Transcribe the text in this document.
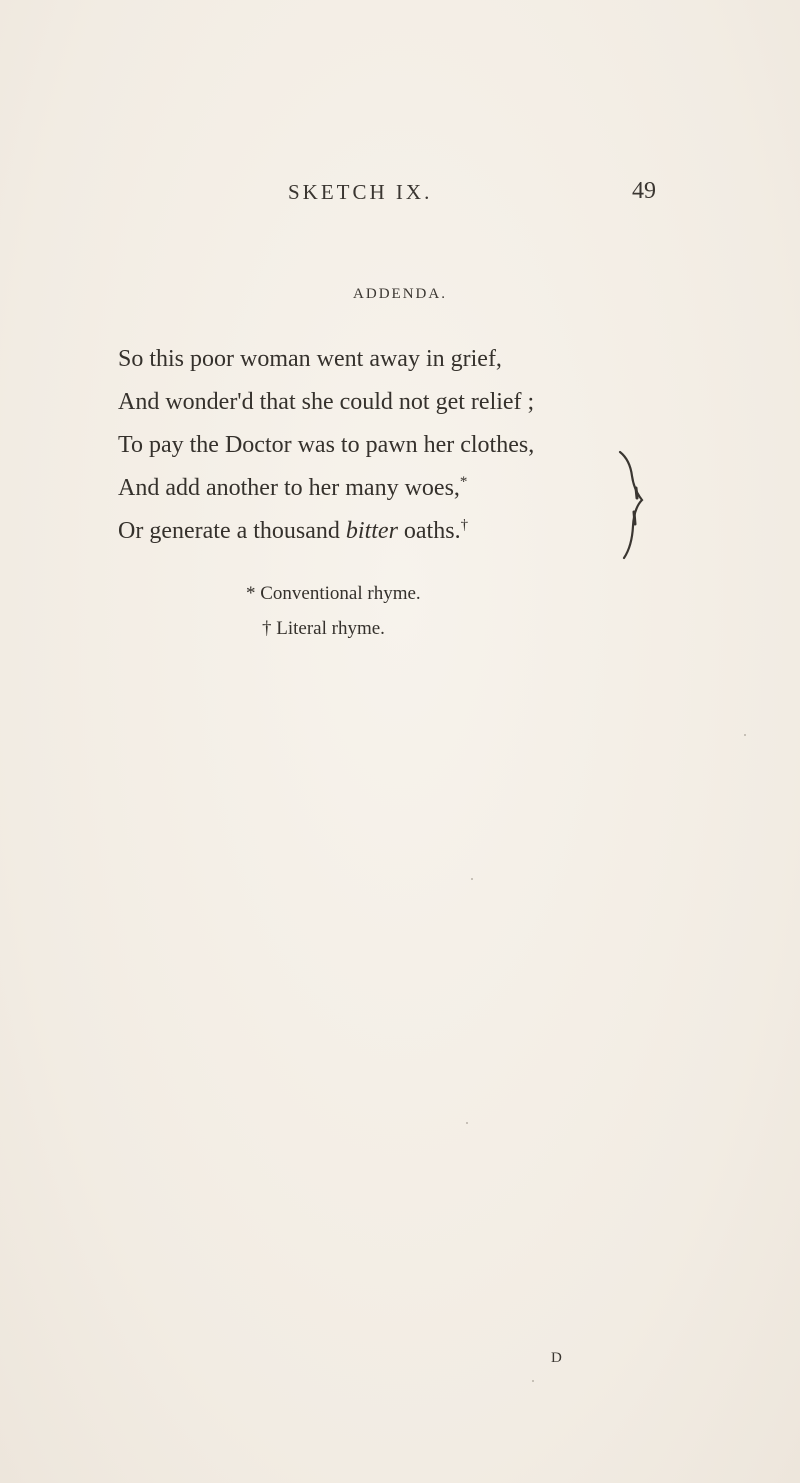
SKETCH IX.	49
ADDENDA.
So this poor woman went away in grief,
And wonder'd that she could not get relief ;
To pay the Doctor was to pawn her clothes,
And add another to her many woes,*
Or generate a thousand bitter oaths.†
* Conventional rhyme.
† Literal rhyme.
D
